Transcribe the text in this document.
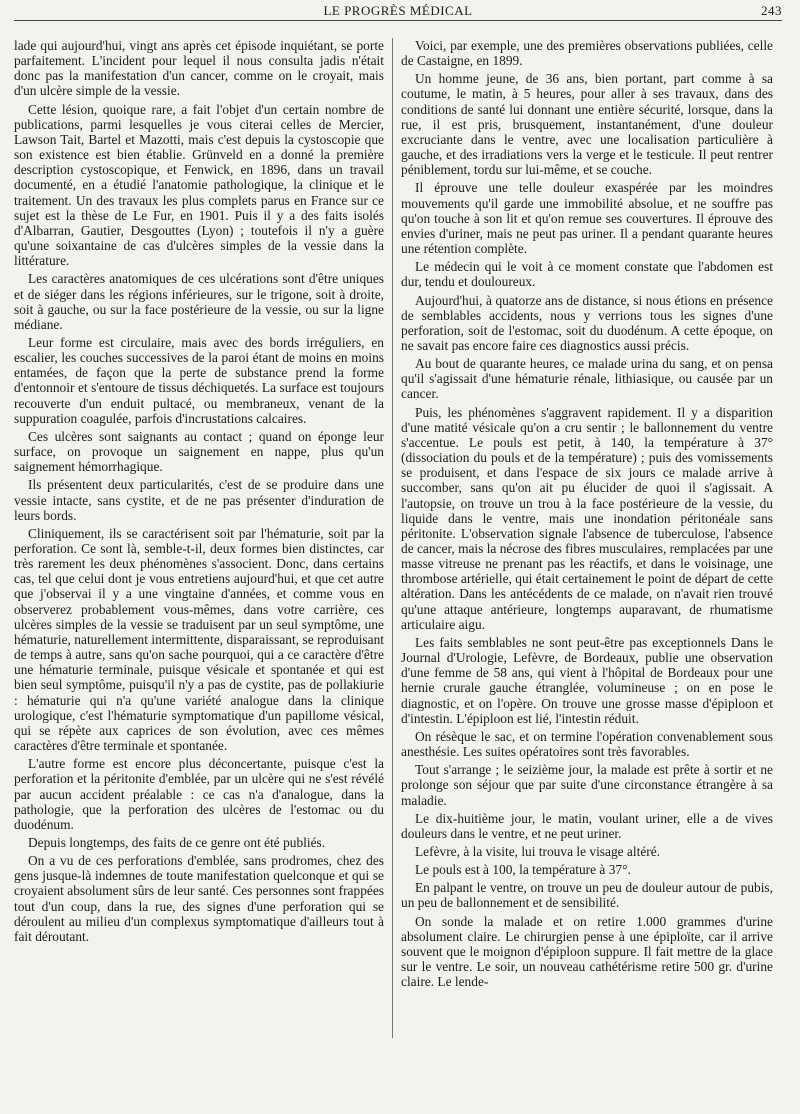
LE PROGRÈS MÉDICAL	243

lade qui aujourd'hui, vingt ans après cet épisode inquiétant, se porte parfaitement. L'incident pour lequel il nous consulta jadis n'était donc pas la manifestation d'un cancer, comme on le croyait, mais d'un ulcère simple de la vessie.

Cette lésion, quoique rare, a fait l'objet d'un certain nombre de publications, parmi lesquelles je vous citerai celles de Mercier, Lawson Tait, Bartel et Mazotti, mais c'est depuis la cystoscopie que son existence est bien établie. Grünveld en a donné la première description cystoscopique, et Fenwick, en 1896, dans un travail documenté, en a étudié l'anatomie pathologique, la clinique et le traitement. Un des travaux les plus complets parus en France sur ce sujet est la thèse de Le Fur, en 1901. Puis il y a des faits isolés d'Albarran, Gautier, Desgouttes (Lyon) ; toutefois il n'y a guère qu'une soixantaine de cas d'ulcères simples de la vessie dans la littérature.

Les caractères anatomiques de ces ulcérations sont d'être uniques et de siéger dans les régions inférieures, sur le trigone, soit à droite, soit à gauche, ou sur la face postérieure de la vessie, ou sur la ligne médiane.

Leur forme est circulaire, mais avec des bords irréguliers, en escalier, les couches successives de la paroi étant de moins en moins entamées, de façon que la perte de substance prend la forme d'entonnoir et s'entoure de tissus déchiquetés. La surface est toujours recouverte d'un enduit pultacé, ou membraneux, venant de la suppuration coagulée, parfois d'incrustations calcaires.

Ces ulcères sont saignants au contact ; quand on éponge leur surface, on provoque un saignement en nappe, plus qu'un saignement hémorrhagique.

Ils présentent deux particularités, c'est de se produire dans une vessie intacte, sans cystite, et de ne pas présenter d'induration de leurs bords.

Cliniquement, ils se caractérisent soit par l'hématurie, soit par la perforation. Ce sont là, semble-t-il, deux formes bien distinctes, car très rarement les deux phénomènes s'associent. Donc, dans certains cas, tel que celui dont je vous entretiens aujourd'hui, et que cet autre que j'observai il y a une vingtaine d'années, et comme vous en observerez probablement vous-mêmes, dans votre carrière, ces ulcères simples de la vessie se traduisent par un seul symptôme, une hématurie, naturellement intermittente, disparaissant, se reproduisant de temps à autre, sans qu'on sache pourquoi, qui a ce caractère d'être une hématurie terminale, puisque vésicale et spontanée et qui est bien seul symptôme, puisqu'il n'y a pas de cystite, pas de pollakiurie : hématurie qui n'a qu'une variété analogue dans la clinique urologique, c'est l'hématurie symptomatique d'un papillome vésical, qui se répète aux caprices de son évolution, avec ces mêmes caractères d'être terminale et spontanée.

L'autre forme est encore plus déconcertante, puisque c'est la perforation et la péritonite d'emblée, par un ulcère qui ne s'est révélé par aucun accident préalable : ce cas n'a d'analogue, dans la pathologie, que la perforation des ulcères de l'estomac ou du duodénum.

Depuis longtemps, des faits de ce genre ont été publiés.

On a vu de ces perforations d'emblée, sans prodromes, chez des gens jusque-là indemnes de toute manifestation quelconque et qui se croyaient absolument sûrs de leur santé. Ces personnes sont frappées tout d'un coup, dans la rue, des signes d'une perforation qui se déroulent au milieu d'un complexus symptomatique d'ailleurs tout à fait déroutant.

Voici, par exemple, une des premières observations publiées, celle de Castaigne, en 1899.

Un homme jeune, de 36 ans, bien portant, part comme à sa coutume, le matin, à 5 heures, pour aller à ses travaux, dans des conditions de santé lui donnant une entière sécurité, lorsque, dans la rue, il est pris, brusquement, instantanément, d'une douleur excruciante dans le ventre, avec une localisation particulière à gauche, et des irradiations vers la verge et le testicule. Il peut rentrer péniblement, tordu sur lui-même, et se couche.

Il éprouve une telle douleur exaspérée par les moindres mouvements qu'il garde une immobilité absolue, et ne souffre pas qu'on touche à son lit et qu'on remue ses couvertures. Il éprouve des envies d'uriner, mais ne peut pas uriner. Il a pendant quarante heures une rétention complète.

Le médecin qui le voit à ce moment constate que l'abdomen est dur, tendu et douloureux.

Aujourd'hui, à quatorze ans de distance, si nous étions en présence de semblables accidents, nous y verrions tous les signes d'une perforation, soit de l'estomac, soit du duodénum. A cette époque, on ne savait pas encore faire ces diagnostics aussi précis.

Au bout de quarante heures, ce malade urina du sang, et on pensa qu'il s'agissait d'une hématurie rénale, lithiasique, ou causée par un cancer.

Puis, les phénomènes s'aggravent rapidement. Il y a disparition d'une matité vésicale qu'on a cru sentir ; le ballonnement du ventre s'accentue. Le pouls est petit, à 140, la température à 37° (dissociation du pouls et de la température) ; puis des vomissements se produisent, et dans l'espace de six jours ce malade arrive à succomber, sans qu'on ait pu élucider de quoi il s'agissait. A l'autopsie, on trouve un trou à la face postérieure de la vessie, du liquide dans le ventre, mais une inondation péritonéale sans péritonite. L'observation signale l'absence de tuberculose, l'absence de cancer, mais la nécrose des fibres musculaires, remplacées par une masse vitreuse ne prenant pas les réactifs, et dans le voisinage, une thrombose artérielle, qui était certainement le point de départ de cette altération. Dans les antécédents de ce malade, on n'avait rien trouvé qu'une attaque antérieure, longtemps auparavant, de rhumatisme articulaire aigu.

Les faits semblables ne sont peut-être pas exceptionnels Dans le Journal d'Urologie, Lefèvre, de Bordeaux, publie une observation d'une femme de 58 ans, qui vient à l'hôpital de Bordeaux pour une hernie crurale gauche étranglée, volumineuse ; on en pose le diagnostic, et on l'opère. On trouve une grosse masse d'épiploon et d'intestin. L'épiploon est lié, l'intestin réduit.

On résèque le sac, et on termine l'opération convenablement sous anesthésie. Les suites opératoires sont très favorables.

Tout s'arrange ; le seizième jour, la malade est prête à sortir et ne prolonge son séjour que par suite d'une circonstance étrangère à sa maladie.

Le dix-huitième jour, le matin, voulant uriner, elle a de vives douleurs dans le ventre, et ne peut uriner.

Lefèvre, à la visite, lui trouva le visage altéré.

Le pouls est à 100, la température à 37°.

En palpant le ventre, on trouve un peu de douleur autour de pubis, un peu de ballonnement et de sensibilité.

On sonde la malade et on retire 1.000 grammes d'urine absolument claire. Le chirurgien pense à une épiploïte, car il arrive souvent que le moignon d'épiploon suppure. Il fait mettre de la glace sur le ventre. Le soir, un nouveau cathétérisme retire 500 gr. d'urine claire. Le lende-
